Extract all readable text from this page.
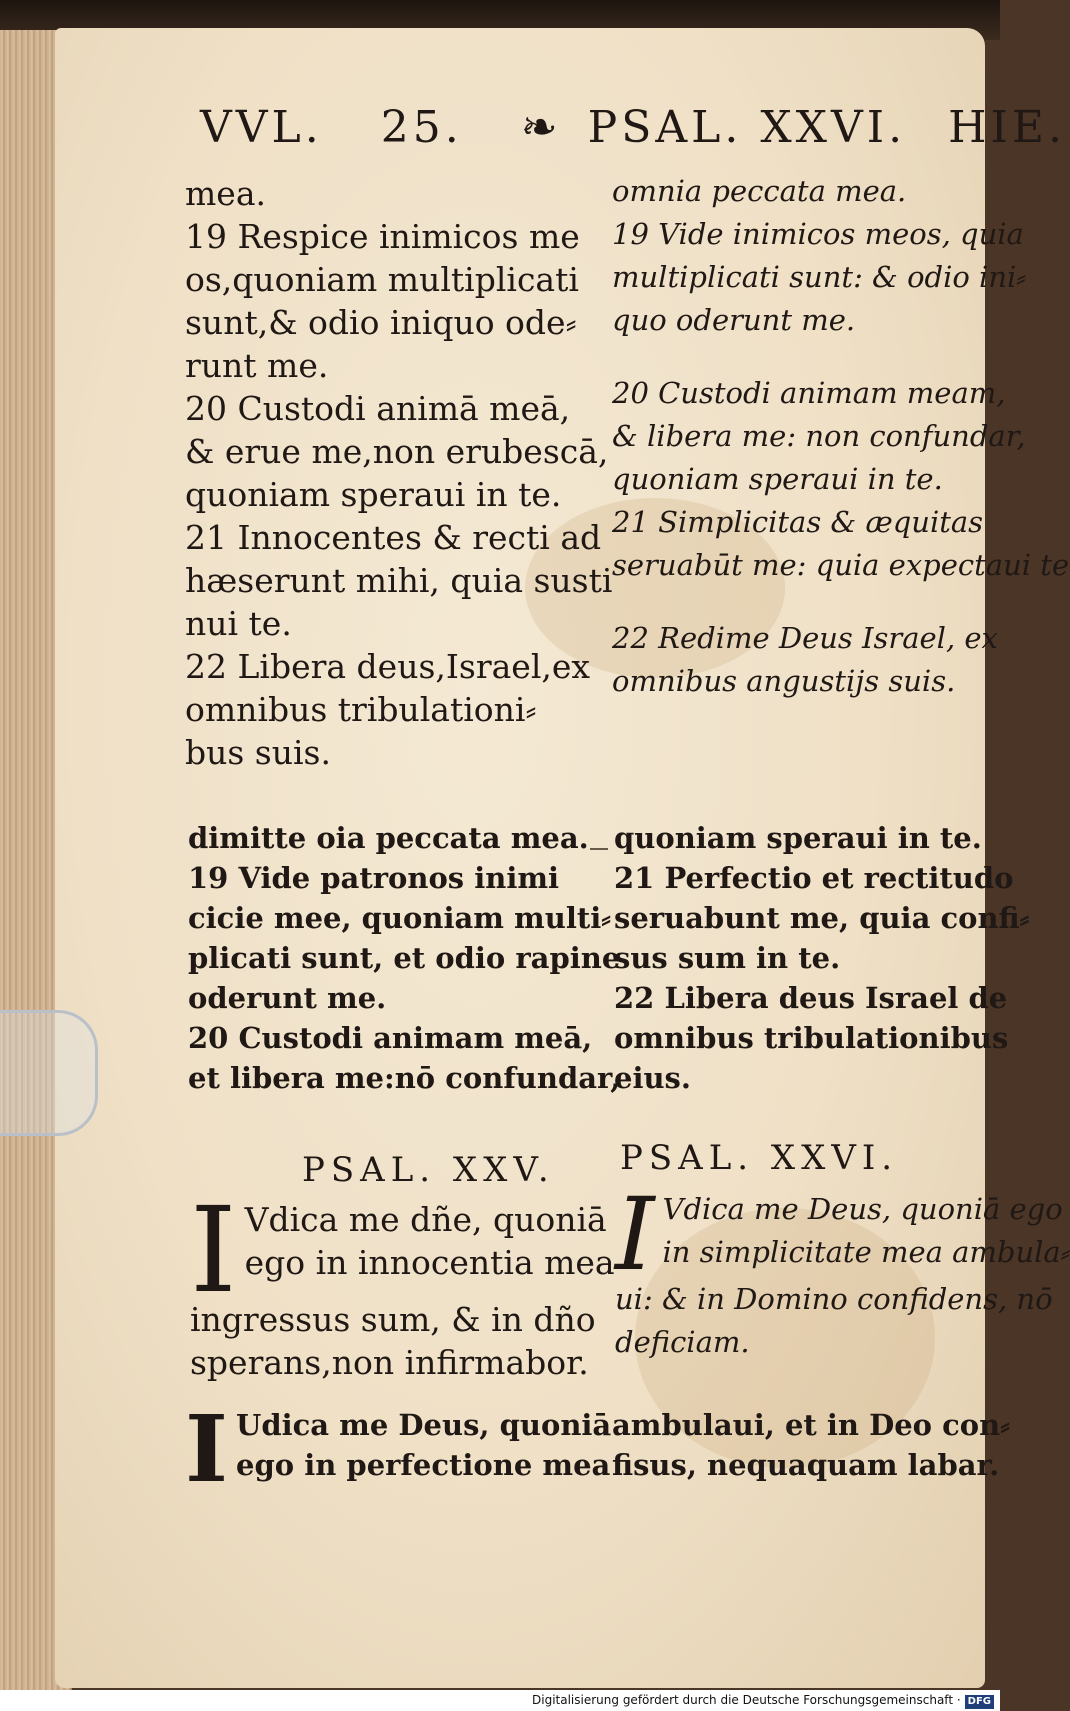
VVL. 25. ❧ PSAL. XXVI. HIE.

mea.

19 Respice inimicos me

os,quoniam multiplicati

sunt,& odio iniquo ode⸗

runt me.

20 Custodi animā meā,

& erue me,non erubescā,

quoniam speraui in te.

21 Innocentes & recti ad

hæserunt mihi, quia susti

nui te.

22 Libera deus,Israel,ex

omnibus tribulationi⸗

bus suis.

omnia peccata mea.

19 Vide inimicos meos, quia

multiplicati sunt: & odio ini⸗

quo oderunt me.

20 Custodi animam meam,

& libera me: non confundar,

quoniam speraui in te.

21 Simplicitas & æquitas

seruabūt me: quia expectaui te

22 Redime Deus Israel, ex

omnibus angustijs suis.

dimitte oia peccata mea.

19 Vide patronos inimi

cicie mee, quoniam multi⸗

plicati sunt, et odio rapine

oderunt me.

20 Custodi animam meā,

et libera me:nō confundar,

quoniam speraui in te.

21 Perfectio et rectitudo

seruabunt me, quia confi⸗

sus sum in te.

22 Libera deus Israel de

omnibus tribulationibus

eius.

PSAL. XXV. PSAL. XXVI.
I Vdica me dñe, quoniā

ego in innocentia mea

ingressus sum, & in dño

sperans,non infirmabor.

I Vdica me Deus, quoniā ego

in simplicitate mea ambula⸗

ui: & in Domino confidens, nō

deficiam.

I Udica me Deus, quoniā

ego in perfectione mea

ambulaui, et in Deo con⸗

fisus, nequaquam labar.

Digitalisierung gefördert durch die Deutsche Forschungsgemeinschaft · DFG
